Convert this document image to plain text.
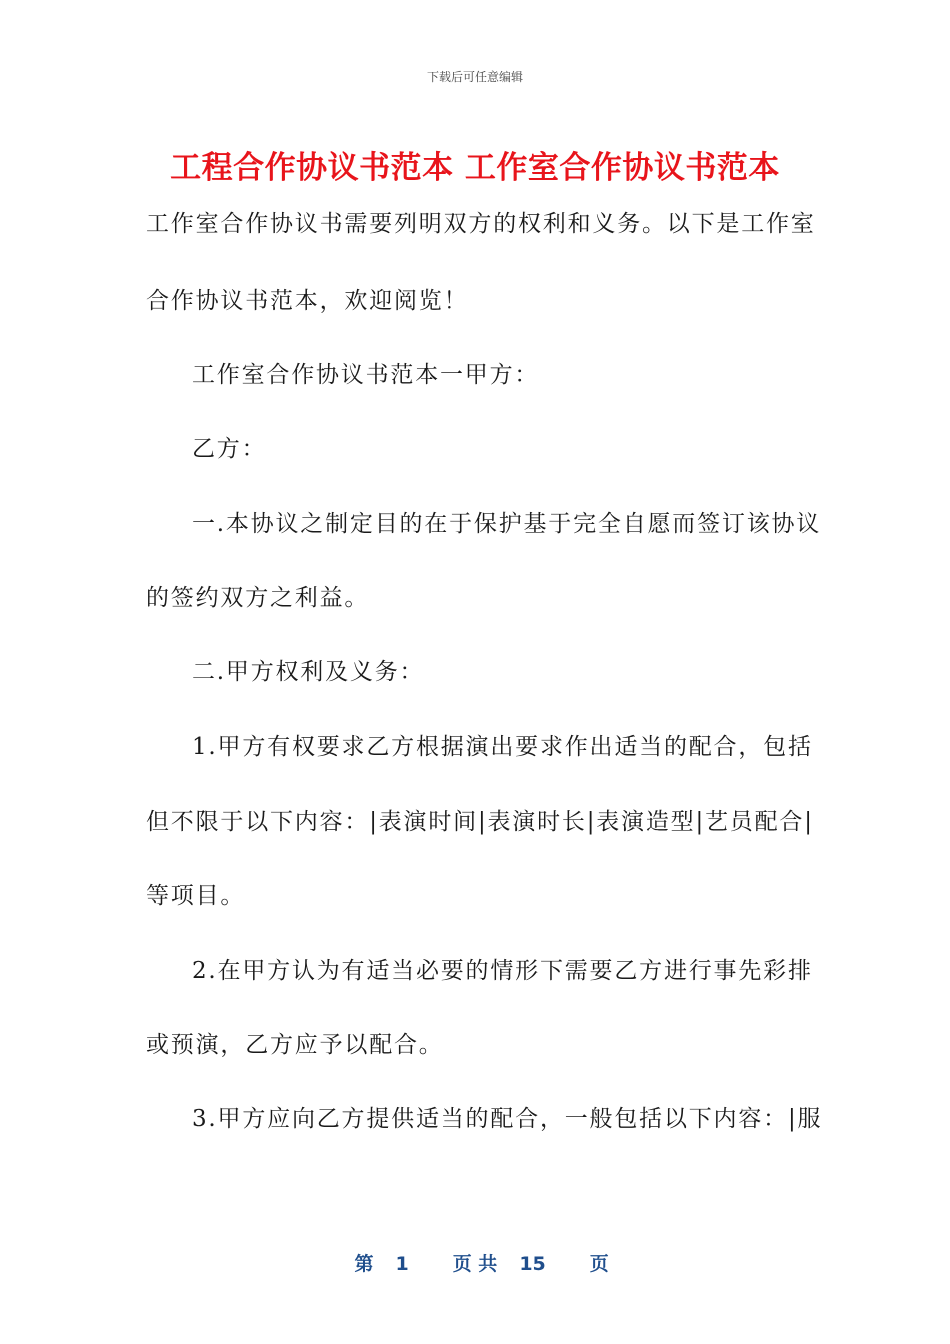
下载后可任意编辑
工程合作协议书范本 工作室合作协议书范本
工作室合作协议书需要列明双方的权利和义务。以下是工作室
合作协议书范本，欢迎阅览！
工作室合作协议书范本一甲方：
乙方：
一.本协议之制定目的在于保护基于完全自愿而签订该协议
的签约双方之利益。
二.甲方权利及义务：
1.甲方有权要求乙方根据演出要求作出适当的配合，包括
但不限于以下内容：|表演时间|表演时长|表演造型|艺员配合|
等项目。
2.在甲方认为有适当必要的情形下需要乙方进行事先彩排
或预演，乙方应予以配合。
3.甲方应向乙方提供适当的配合，一般包括以下内容：|服

第 1 页 共 15 页
